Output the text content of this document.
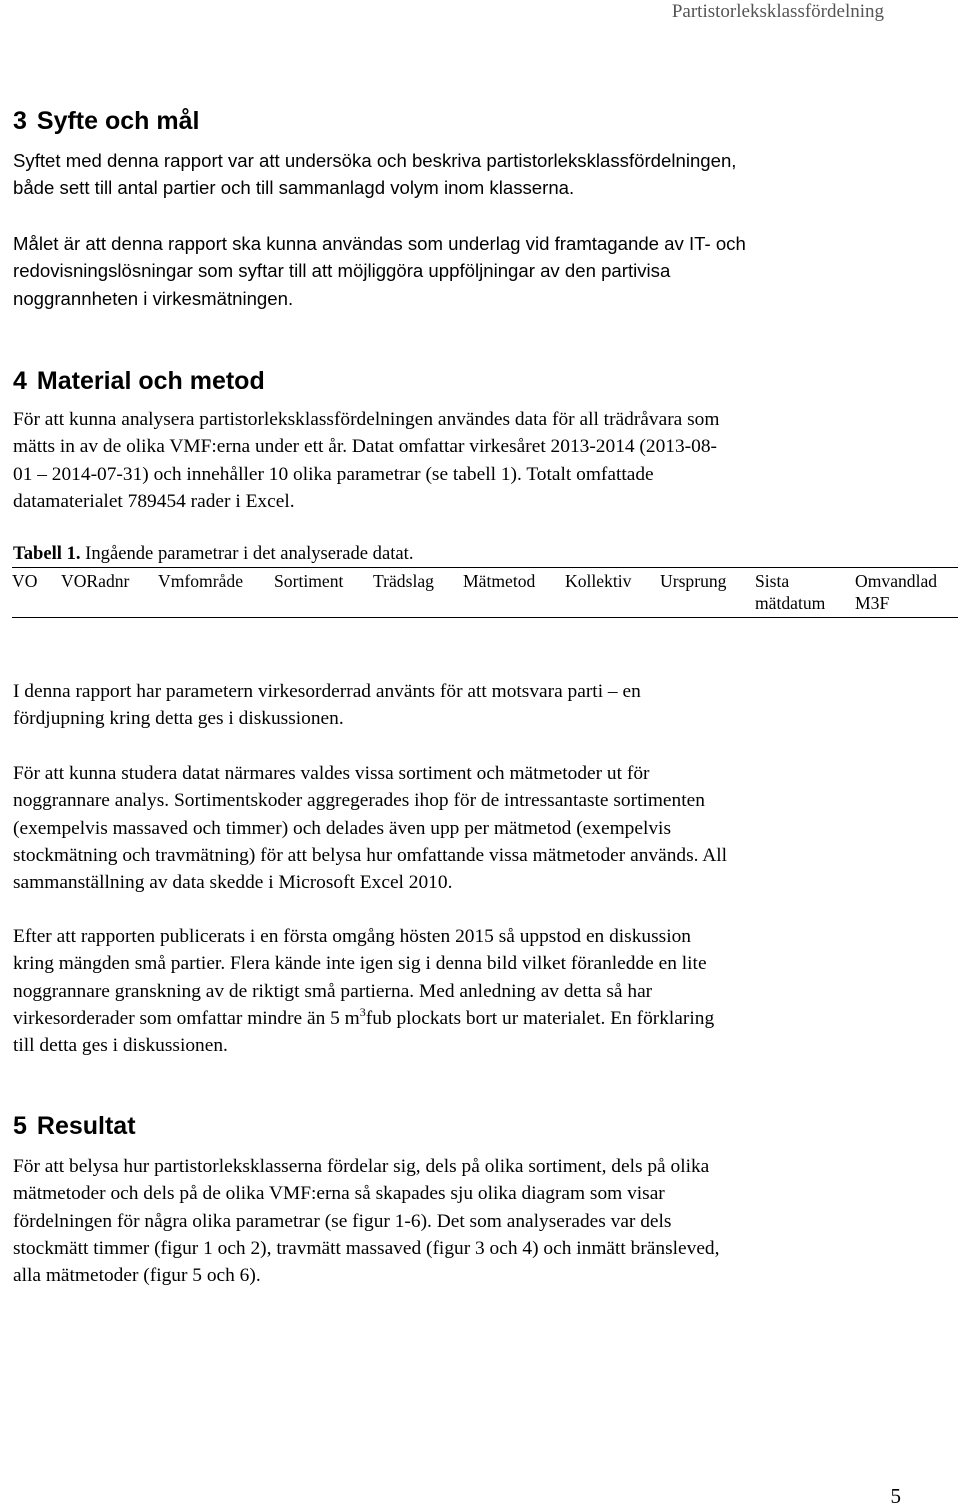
Partistorleksklassfördelning
3 Syfte och mål

Syftet med denna rapport var att undersöka och beskriva partistorleksklassfördelningen,
både sett till antal partier och till sammanlagd volym inom klasserna.

Målet är att denna rapport ska kunna användas som underlag vid framtagande av IT- och
redovisningslösningar som syftar till att möjliggöra uppföljningar av den partivisa
noggrannheten i virkesmätningen.

4 Material och metod

För att kunna analysera partistorleksklassfördelningen användes data för all trädråvara som
mätts in av de olika VMF:erna under ett år. Datat omfattar virkesåret 2013-2014 (2013-08-
01 – 2014-07-31) och innehåller 10 olika parametrar (se tabell 1). Totalt omfattade
datamaterialet 789454 rader i Excel.

Tabell 1. Ingående parametrar i det analyserade datat.
VO	VORadnr	Vmfområde	Sortiment	Trädslag	Mätmetod	Kollektiv	Ursprung	Sista mätdatum	Omvandlad M3F

I denna rapport har parametern virkesorderrad använts för att motsvara parti – en
fördjupning kring detta ges i diskussionen.

För att kunna studera datat närmares valdes vissa sortiment och mätmetoder ut för
noggrannare analys. Sortimentskoder aggregerades ihop för de intressantaste sortimenten
(exempelvis massaved och timmer) och delades även upp per mätmetod (exempelvis
stockmätning och travmätning) för att belysa hur omfattande vissa mätmetoder används. All
sammanställning av data skedde i Microsoft Excel 2010.

Efter att rapporten publicerats i en första omgång hösten 2015 så uppstod en diskussion
kring mängden små partier. Flera kände inte igen sig i denna bild vilket föranledde en lite
noggrannare granskning av de riktigt små partierna. Med anledning av detta så har
virkesorderader som omfattar mindre än 5 $m^3fub$ plockats bort ur materialet. En förklaring
till detta ges i diskussionen.

5 Resultat

För att belysa hur partistorleksklasserna fördelar sig, dels på olika sortiment, dels på olika
mätmetoder och dels på de olika VMF:erna så skapades sju olika diagram som visar
fördelningen för några olika parametrar (se figur 1-6). Det som analyserades var dels
stockmätt timmer (figur 1 och 2), travmätt massaved (figur 3 och 4) och inmätt bränsleved,
alla mätmetoder (figur 5 och 6).

5
